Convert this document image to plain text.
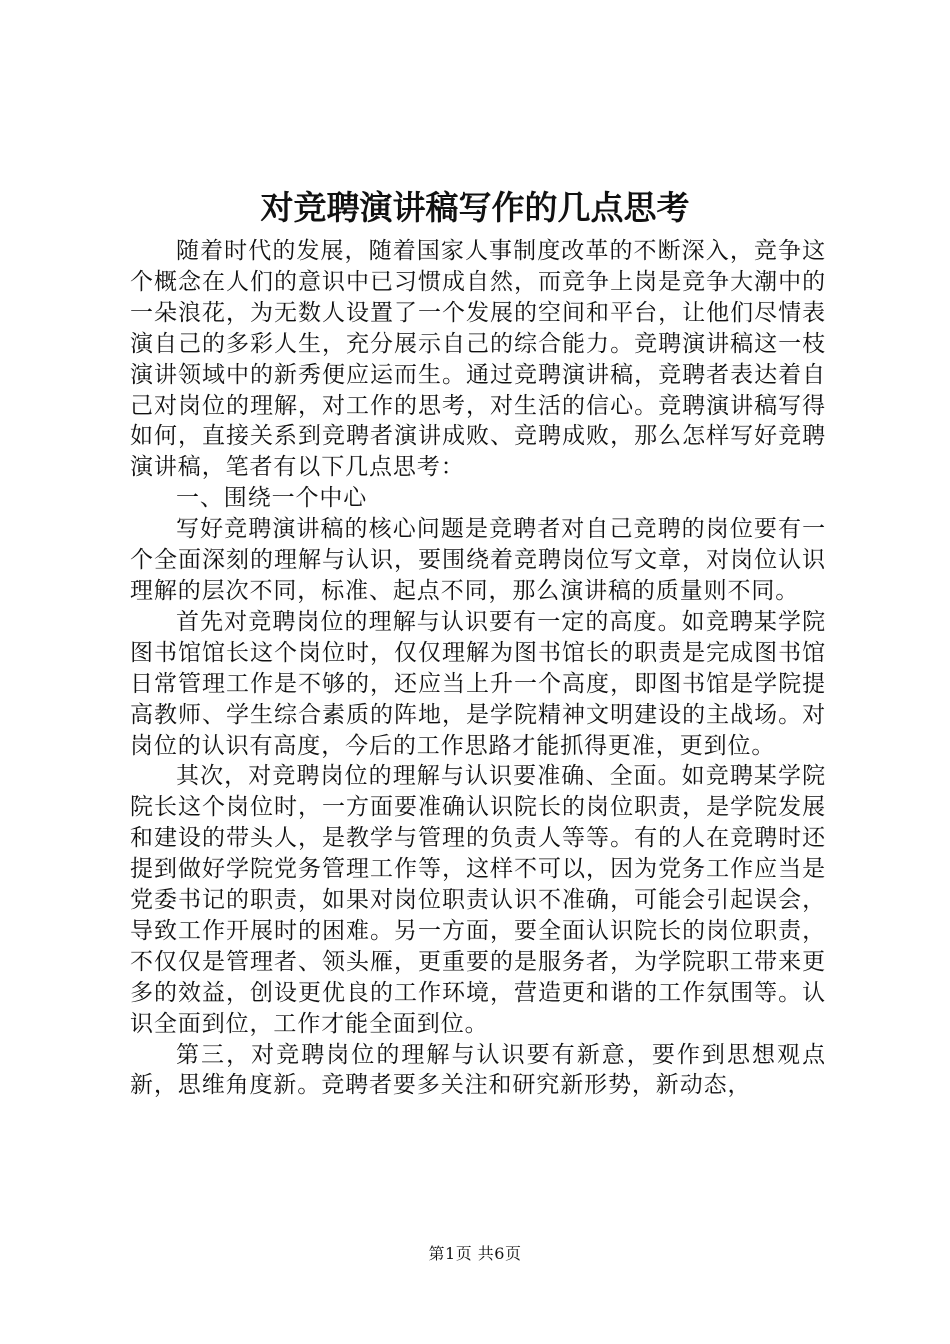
对竞聘演讲稿写作的几点思考

随着时代的发展，随着国家人事制度改革的不断深入，竞争这个概念在人们的意识中已习惯成自然，而竞争上岗是竞争大潮中的一朵浪花，为无数人设置了一个发展的空间和平台，让他们尽情表演自己的多彩人生，充分展示自己的综合能力。竞聘演讲稿这一枝演讲领域中的新秀便应运而生。通过竞聘演讲稿，竞聘者表达着自己对岗位的理解，对工作的思考，对生活的信心。竞聘演讲稿写得如何，直接关系到竞聘者演讲成败、竞聘成败，那么怎样写好竞聘演讲稿，笔者有以下几点思考：

一、围绕一个中心

写好竞聘演讲稿的核心问题是竞聘者对自己竞聘的岗位要有一个全面深刻的理解与认识，要围绕着竞聘岗位写文章，对岗位认识理解的层次不同，标准、起点不同，那么演讲稿的质量则不同。

首先对竞聘岗位的理解与认识要有一定的高度。如竞聘某学院图书馆馆长这个岗位时，仅仅理解为图书馆长的职责是完成图书馆日常管理工作是不够的，还应当上升一个高度，即图书馆是学院提高教师、学生综合素质的阵地，是学院精神文明建设的主战场。对岗位的认识有高度，今后的工作思路才能抓得更准，更到位。

其次，对竞聘岗位的理解与认识要准确、全面。如竞聘某学院院长这个岗位时，一方面要准确认识院长的岗位职责，是学院发展和建设的带头人，是教学与管理的负责人等等。有的人在竞聘时还提到做好学院党务管理工作等，这样不可以，因为党务工作应当是党委书记的职责，如果对岗位职责认识不准确，可能会引起误会，导致工作开展时的困难。另一方面，要全面认识院长的岗位职责，不仅仅是管理者、领头雁，更重要的是服务者，为学院职工带来更多的效益，创设更优良的工作环境，营造更和谐的工作氛围等。认识全面到位，工作才能全面到位。

第三，对竞聘岗位的理解与认识要有新意，要作到思想观点新，思维角度新。竞聘者要多关注和研究新形势，新动态，

第1页 共6页
